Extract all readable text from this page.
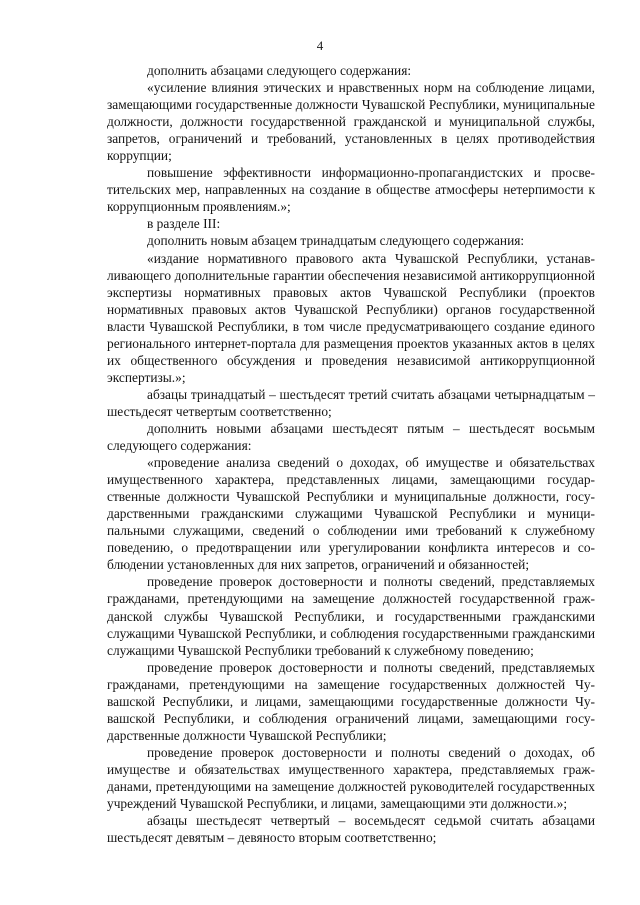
4

дополнить абзацами следующего содержания:

«усиление влияния этических и нравственных норм на соблюдение лицами, замещающими государственные должности Чувашской Республики, муниципальные должности, должности государственной гражданской и муниципальной службы, запретов, ограничений и требований, установленных в целях противодействия коррупции;

повышение эффективности информационно-пропагандистских и просветительских мер, направленных на создание в обществе атмосферы нетерпимости к коррупционным проявлениям.»;

в разделе III:

дополнить новым абзацем тринадцатым следующего содержания:

«издание нормативного правового акта Чувашской Республики, устанавливающего дополнительные гарантии обеспечения независимой антикоррупционной экспертизы нормативных правовых актов Чувашской Республики (проектов нормативных правовых актов Чувашской Республики) органов государственной власти Чувашской Республики, в том числе предусматривающего создание единого регионального интернет-портала для размещения проектов указанных актов в целях их общественного обсуждения и проведения независимой антикоррупционной экспертизы.»;

абзацы тринадцатый – шестьдесят третий считать абзацами четырнадцатым – шестьдесят четвертым соответственно;

дополнить новыми абзацами шестьдесят пятым – шестьдесят восьмым следующего содержания:

«проведение анализа сведений о доходах, об имуществе и обязательствах имущественного характера, представленных лицами, замещающими государственные должности Чувашской Республики и муниципальные должности, государственными гражданскими служащими Чувашской Республики и муниципальными служащими, сведений о соблюдении ими требований к служебному поведению, о предотвращении или урегулировании конфликта интересов и соблюдении установленных для них запретов, ограничений и обязанностей;

проведение проверок достоверности и полноты сведений, представляемых гражданами, претендующими на замещение должностей государственной гражданской службы Чувашской Республики, и государственными гражданскими служащими Чувашской Республики, и соблюдения государственными гражданскими служащими Чувашской Республики требований к служебному поведению;

проведение проверок достоверности и полноты сведений, представляемых гражданами, претендующими на замещение государственных должностей Чувашской Республики, и лицами, замещающими государственные должности Чувашской Республики, и соблюдения ограничений лицами, замещающими государственные должности Чувашской Республики;

проведение проверок достоверности и полноты сведений о доходах, об имуществе и обязательствах имущественного характера, представляемых гражданами, претендующими на замещение должностей руководителей государственных учреждений Чувашской Республики, и лицами, замещающими эти должности.»;

абзацы шестьдесят четвертый – восемьдесят седьмой считать абзацами шестьдесят девятым – девяносто вторым соответственно;
